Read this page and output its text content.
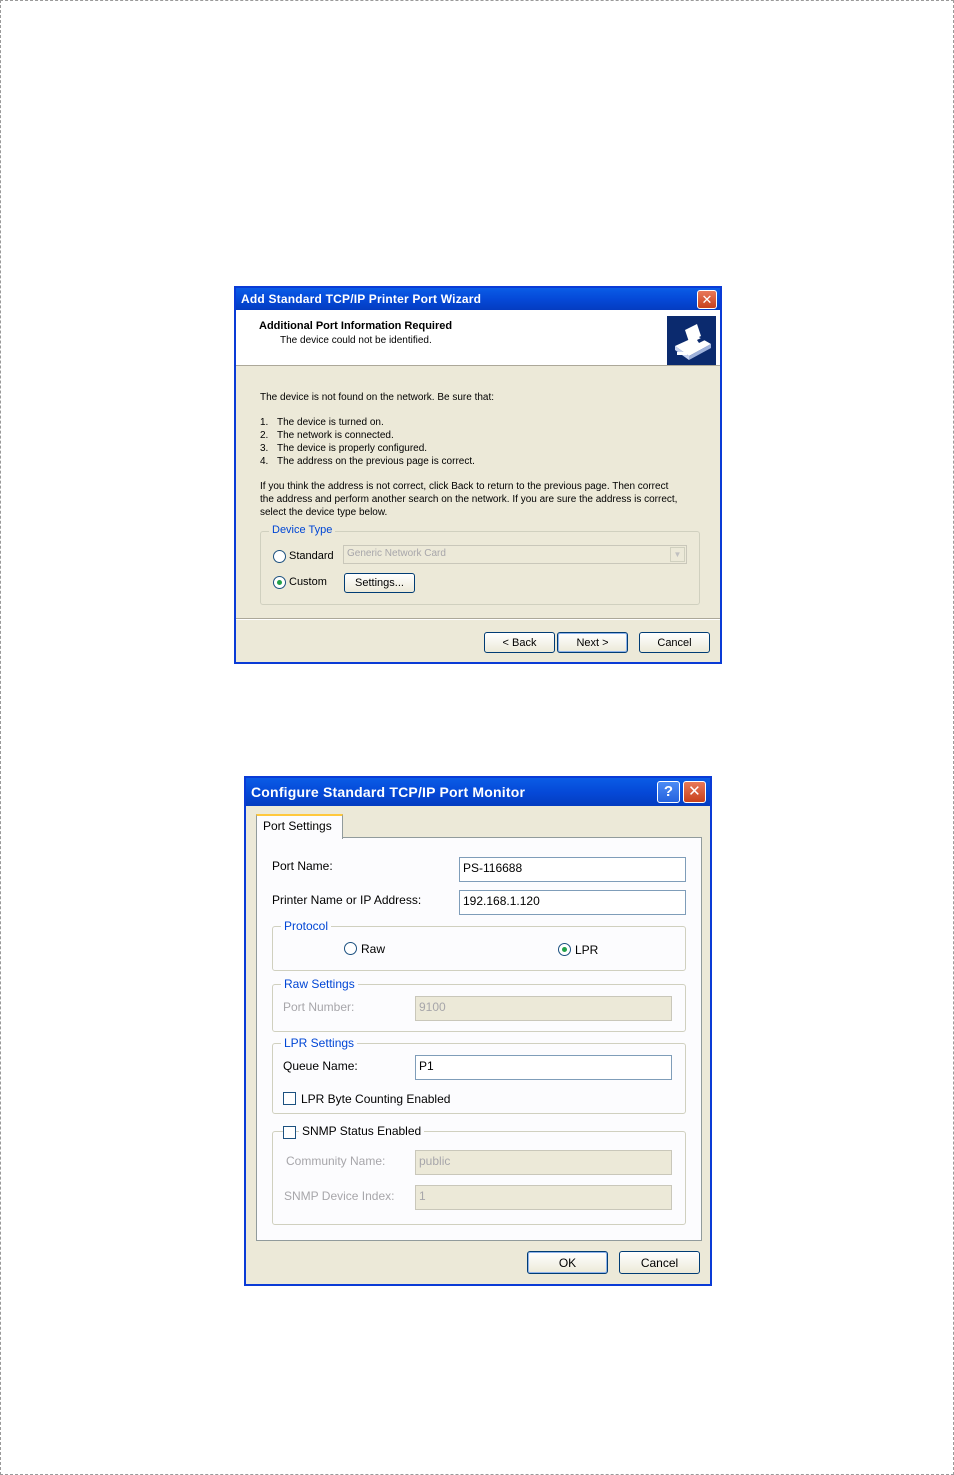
Add Standard TCP/IP Printer Port Wizard	✕
Additional Port Information Required
The device could not be identified.
The device is not found on the network. Be sure that:
1. The device is turned on.
2. The network is connected.
3. The device is properly configured.
4. The address on the previous page is correct.
If you think the address is not correct, click Back to return to the previous page. Then correct
the address and perform another search on the network. If you are sure the address is correct,
select the device type below.
Device Type
Standard	Generic Network Card	▼
Custom	Settings...
< Back	Next >	Cancel
Configure Standard TCP/IP Port Monitor	? ✕
Port Settings
Port Name:	PS-116688
Printer Name or IP Address:	192.168.1.120
Protocol
Raw	LPR
Raw Settings
Port Number:	9100
LPR Settings
Queue Name:	P1
LPR Byte Counting Enabled
SNMP Status Enabled
Community Name:	public
SNMP Device Index:	1
OK	Cancel
